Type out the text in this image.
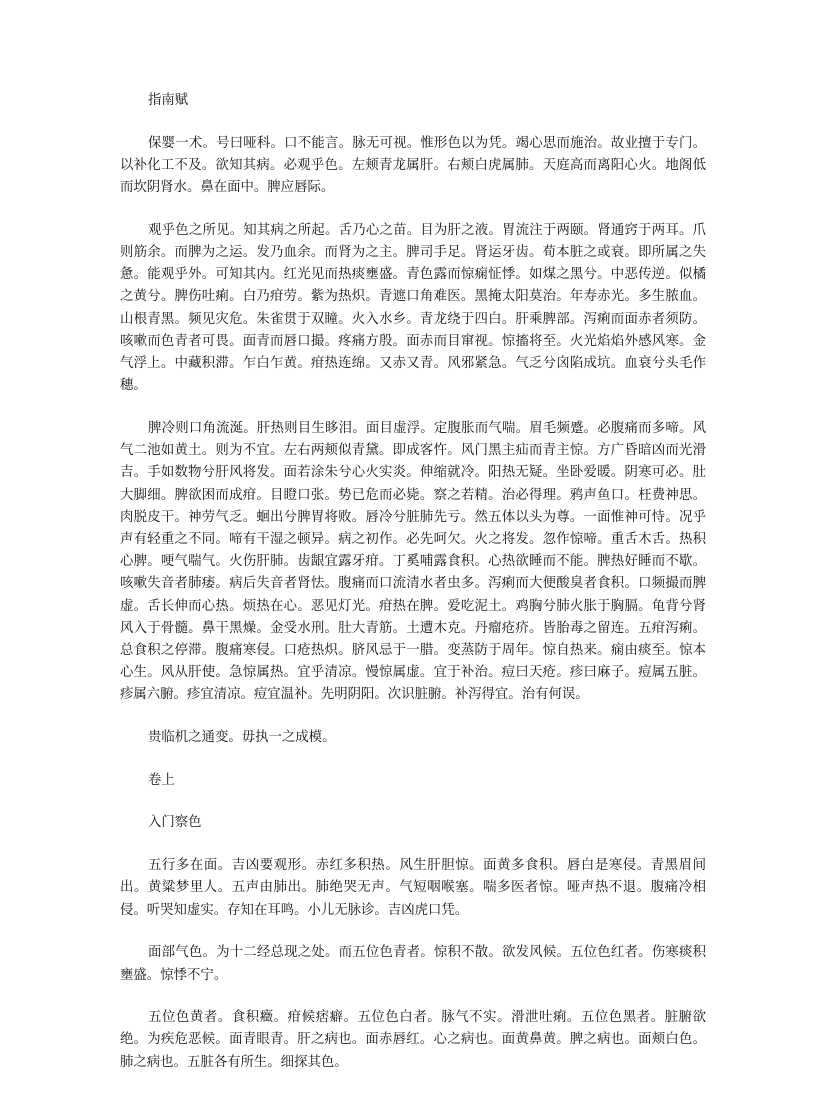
指南赋
保婴一术。号曰哑科。口不能言。脉无可视。惟形色以为凭。竭心思而施治。故业擅于专门。以补化工不及。欲知其病。必观乎色。左颊青龙属肝。右颊白虎属肺。天庭高而离阳心火。地阁低而坎阴肾水。鼻在面中。脾应唇际。
观乎色之所见。知其病之所起。舌乃心之苗。目为肝之液。胃流注于两颐。肾通窍于两耳。爪则筋余。而脾为之运。发乃血余。而肾为之主。脾司手足。肾运牙齿。荀本脏之或衰。即所属之失惫。能观乎外。可知其内。红光见而热痰壅盛。青色露而惊痫怔悸。如煤之黑兮。中恶传逆。似橘之黄兮。脾伤吐痢。白乃疳劳。紫为热炽。青遮口角难医。黑掩太阳莫治。年寿赤光。多生脓血。山根青黑。频见灾危。朱雀贯于双瞳。火入水乡。青龙绕于四白。肝乘脾部。泻痢而面赤者须防。咳嗽而色青者可畏。面青而唇口撮。疼痛方殷。面赤而目窜视。惊搐将至。火光焰焰外感风寒。金气浮上。中藏积滞。乍白乍黄。疳热连绵。又赤又青。风邪紧急。气乏兮囟陷成坑。血衰兮头毛作穗。
脾冷则口角流涎。肝热则目生眵泪。面目虚浮。定腹胀而气喘。眉毛频蹙。必腹痛而多啼。风气二池如黄土。则为不宜。左右两颊似青黛。即成客忤。风门黑主疝而青主惊。方广昏暗凶而光滑吉。手如数物兮肝风将发。面若涂朱兮心火实炎。伸缩就冷。阳热无疑。坐卧爱暖。阴寒可必。肚大脚细。脾欲困而成疳。目瞪口张。势已危而必毙。察之若精。治必得理。鸦声鱼口。枉费神思。肉脱皮干。神劳气乏。蛔出兮脾胃将败。唇冷兮脏肺先亏。然五体以头为尊。一面惟神可恃。况乎声有轻重之不同。啼有干湿之顿异。病之初作。必先呵欠。火之将发。忽作惊啼。重舌木舌。热积心脾。哽气喘气。火伤肝肺。齿龈宜露牙疳。丁奚哺露食积。心热欲睡而不能。脾热好睡而不歇。咳嗽失音者肺痿。病后失音者肾怯。腹痛而口流清水者虫多。泻痢而大便酸臭者食积。口频撮而脾虚。舌长伸而心热。烦热在心。恶见灯光。疳热在脾。爱吃泥土。鸡胸兮肺火胀于胸膈。龟背兮肾风入于骨髓。鼻干黑燥。金受水刑。肚大青筋。土遭木克。丹瘤疮疥。皆胎毒之留连。五疳泻痢。总食积之停滞。腹痛寒侵。口疮热炽。脐风忌于一腊。变蒸防于周年。惊自热来。痫由痰至。惊本心生。风从肝使。急惊属热。宜乎清凉。慢惊属虚。宜于补治。痘曰天疮。疹曰麻子。痘属五脏。疹属六腑。疹宜清凉。痘宜温补。先明阴阳。次识脏腑。补泻得宜。治有何误。
贵临机之通变。毋执一之成模。
卷上
入门察色
五行多在面。吉凶要观形。赤红多积热。风生肝胆惊。面黄多食积。唇白是寒侵。青黑眉间出。黄粱梦里人。五声由肺出。肺绝哭无声。气短咽喉塞。喘多医者惊。哑声热不退。腹痛冷相侵。听哭知虚实。存知在耳鸣。小儿无脉诊。吉凶虎口凭。
面部气色。为十二经总现之处。而五位色青者。惊积不散。欲发风候。五位色红者。伤寒痰积壅盛。惊悸不宁。
五位色黄者。食积癥。疳候痞癖。五位色白者。脉气不实。滑泄吐痢。五位色黑者。脏腑欲绝。为疾危恶候。面青眼青。肝之病也。面赤唇红。心之病也。面黄鼻黄。脾之病也。面颊白色。肺之病也。五脏各有所生。细探其色。
